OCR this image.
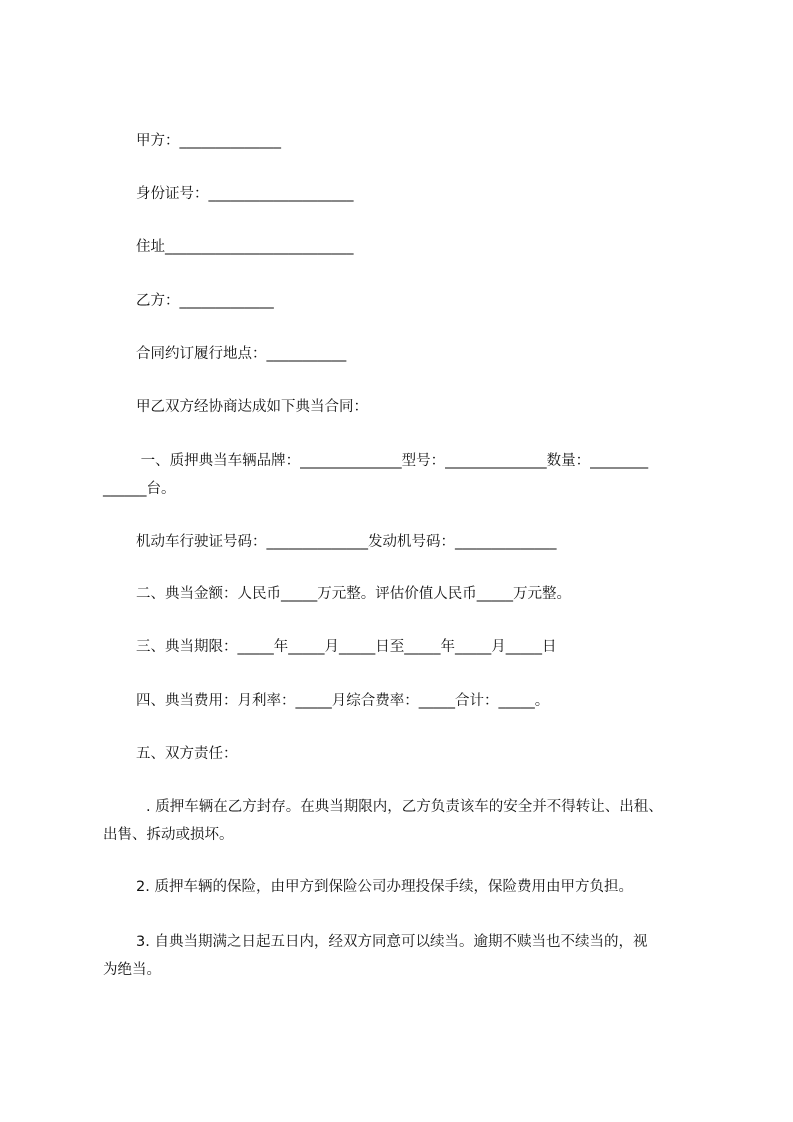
甲方：______________
身份证号：____________________
住址__________________________
乙方：_____________
合同约订履行地点：___________
甲乙双方经协商达成如下典当合同：
一、质押典当车辆品牌：______________型号：______________数量：________
______台。
机动车行驶证号码：______________发动机号码：______________
二、典当金额：人民币_____万元整。评估价值人民币_____万元整。
三、典当期限：_____年_____月_____日至_____年_____月_____日
四、典当费用：月利率：_____月综合费率：_____合计：_____。
五、双方责任：
. 质押车辆在乙方封存。在典当期限内，乙方负责该车的安全并不得转让、出租、
出售、拆动或损坏。
2. 质押车辆的保险，由甲方到保险公司办理投保手续，保险费用由甲方负担。
3. 自典当期满之日起五日内，经双方同意可以续当。逾期不赎当也不续当的，视
为绝当。
